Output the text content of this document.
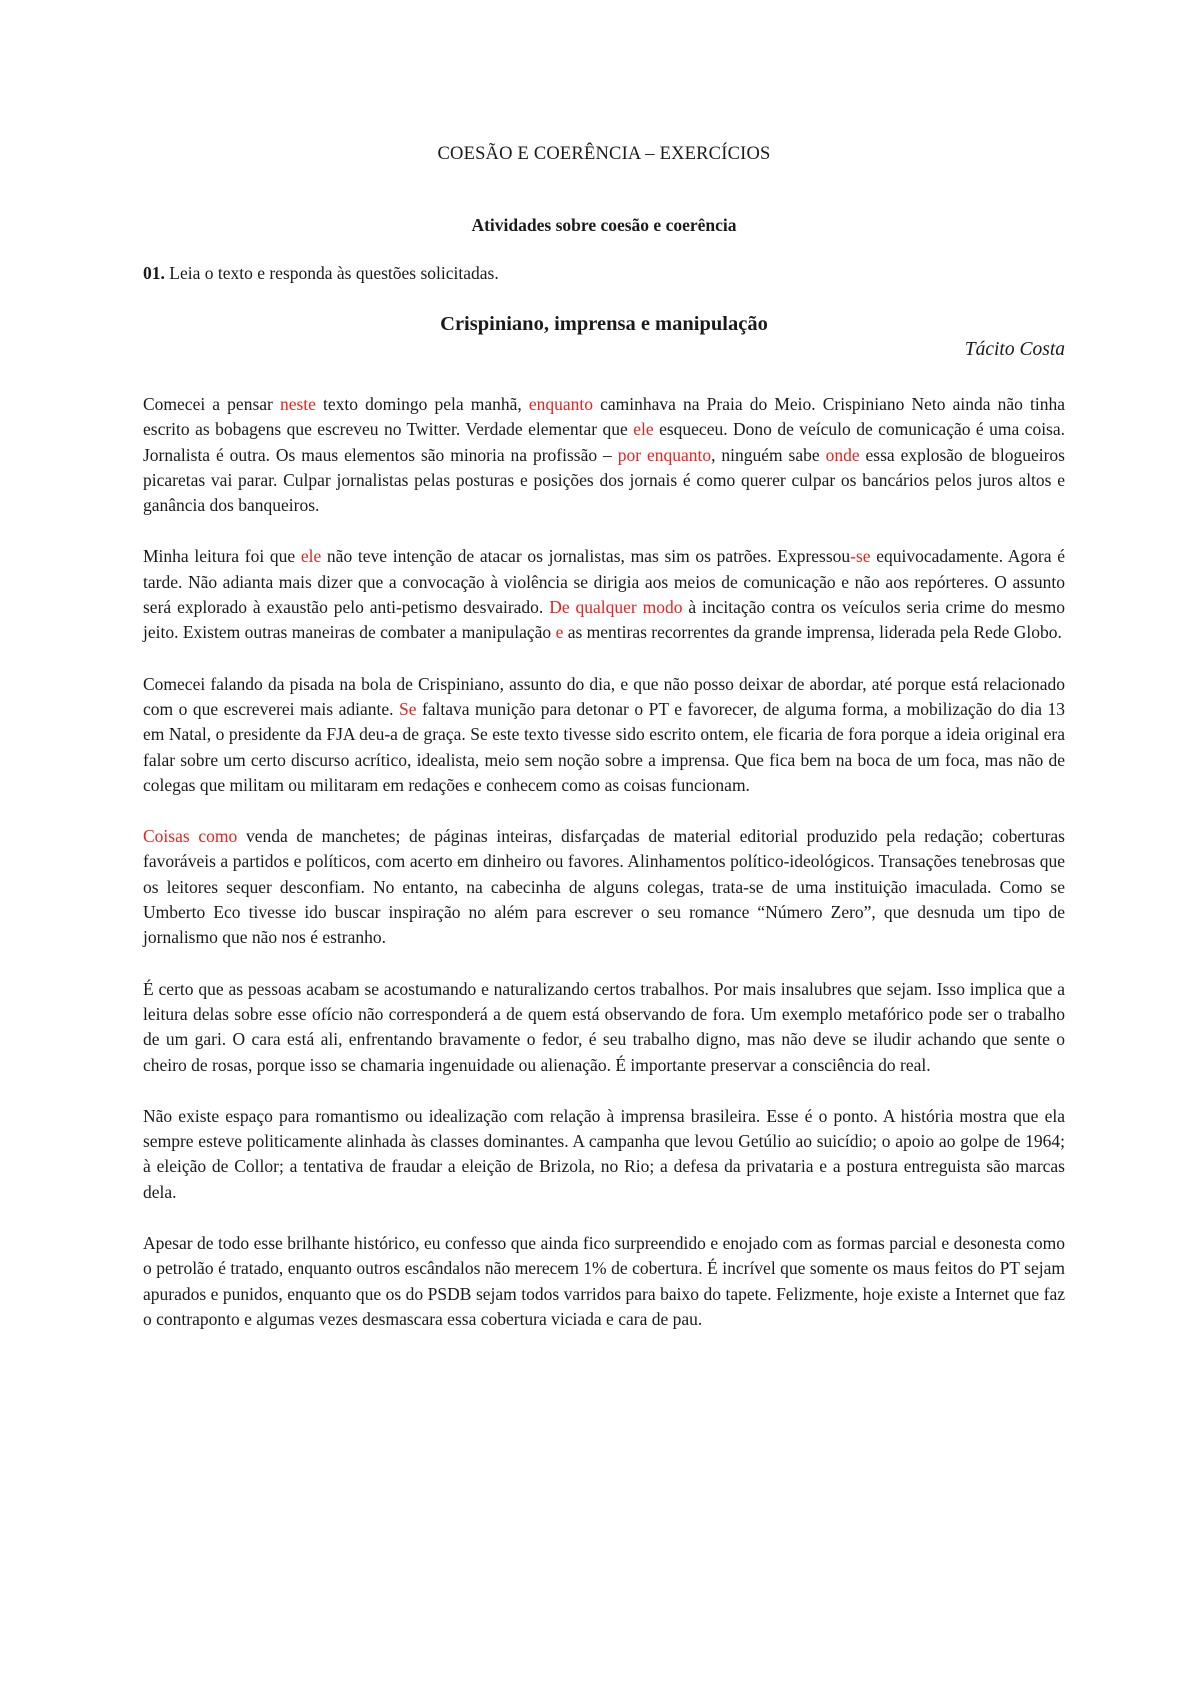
COESÃO E COERÊNCIA – EXERCÍCIOS
Atividades sobre coesão e coerência

01. Leia o texto e responda às questões solicitadas.

Crispiniano, imprensa e manipulação

Tácito Costa

Comecei a pensar neste texto domingo pela manhã, enquanto caminhava na Praia do Meio. Crispiniano Neto ainda não tinha escrito as bobagens que escreveu no Twitter. Verdade elementar que ele esqueceu. Dono de veículo de comunicação é uma coisa. Jornalista é outra. Os maus elementos são minoria na profissão – por enquanto, ninguém sabe onde essa explosão de blogueiros picaretas vai parar. Culpar jornalistas pelas posturas e posições dos jornais é como querer culpar os bancários pelos juros altos e ganância dos banqueiros.

Minha leitura foi que ele não teve intenção de atacar os jornalistas, mas sim os patrões. Expressou-se equivocadamente. Agora é tarde. Não adianta mais dizer que a convocação à violência se dirigia aos meios de comunicação e não aos repórteres. O assunto será explorado à exaustão pelo anti-petismo desvairado. De qualquer modo à incitação contra os veículos seria crime do mesmo jeito. Existem outras maneiras de combater a manipulação e as mentiras recorrentes da grande imprensa, liderada pela Rede Globo.

Comecei falando da pisada na bola de Crispiniano, assunto do dia, e que não posso deixar de abordar, até porque está relacionado com o que escreverei mais adiante. Se faltava munição para detonar o PT e favorecer, de alguma forma, a mobilização do dia 13 em Natal, o presidente da FJA deu-a de graça. Se este texto tivesse sido escrito ontem, ele ficaria de fora porque a ideia original era falar sobre um certo discurso acrítico, idealista, meio sem noção sobre a imprensa. Que fica bem na boca de um foca, mas não de colegas que militam ou militaram em redações e conhecem como as coisas funcionam.

Coisas como venda de manchetes; de páginas inteiras, disfarçadas de material editorial produzido pela redação; coberturas favoráveis a partidos e políticos, com acerto em dinheiro ou favores. Alinhamentos político-ideológicos. Transações tenebrosas que os leitores sequer desconfiam. No entanto, na cabecinha de alguns colegas, trata-se de uma instituição imaculada. Como se Umberto Eco tivesse ido buscar inspiração no além para escrever o seu romance “Número Zero”, que desnuda um tipo de jornalismo que não nos é estranho.

É certo que as pessoas acabam se acostumando e naturalizando certos trabalhos. Por mais insalubres que sejam. Isso implica que a leitura delas sobre esse ofício não corresponderá a de quem está observando de fora. Um exemplo metafórico pode ser o trabalho de um gari. O cara está ali, enfrentando bravamente o fedor, é seu trabalho digno, mas não deve se iludir achando que sente o cheiro de rosas, porque isso se chamaria ingenuidade ou alienação. É importante preservar a consciência do real.

Não existe espaço para romantismo ou idealização com relação à imprensa brasileira. Esse é o ponto. A história mostra que ela sempre esteve politicamente alinhada às classes dominantes. A campanha que levou Getúlio ao suicídio; o apoio ao golpe de 1964; à eleição de Collor; a tentativa de fraudar a eleição de Brizola, no Rio; a defesa da privataria e a postura entreguista são marcas dela.

Apesar de todo esse brilhante histórico, eu confesso que ainda fico surpreendido e enojado com as formas parcial e desonesta como o petrolão é tratado, enquanto outros escândalos não merecem 1% de cobertura. É incrível que somente os maus feitos do PT sejam apurados e punidos, enquanto que os do PSDB sejam todos varridos para baixo do tapete. Felizmente, hoje existe a Internet que faz o contraponto e algumas vezes desmascara essa cobertura viciada e cara de pau.
